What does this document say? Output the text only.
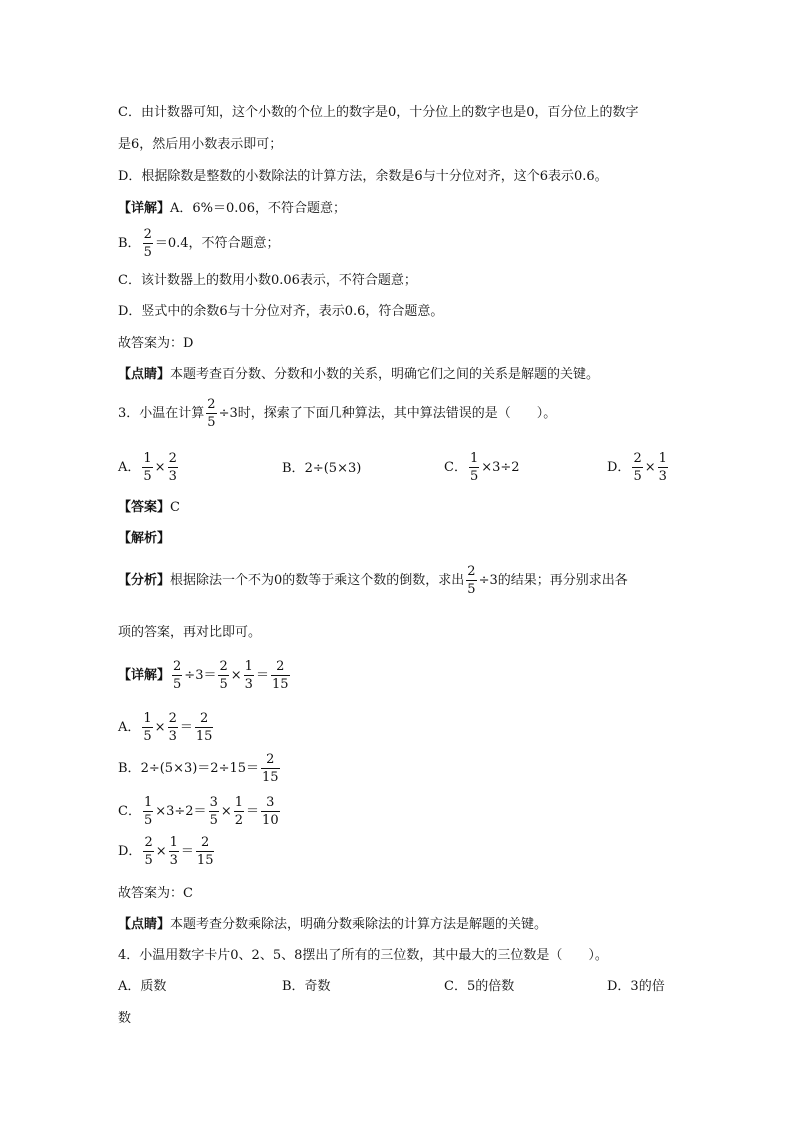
C．由计数器可知，这个小数的个位上的数字是0，十分位上的数字也是0，百分位上的数字
是6，然后用小数表示即可；
D．根据除数是整数的小数除法的计算方法，余数是6与十分位对齐，这个6表示0.6。
【详解】A．6%＝0.06，不符合题意；
B． $\frac{2}{5} =0.4$，不符合题意；
C．该计数器上的数用小数0.06表示，不符合题意；
D．竖式中的余数6与十分位对齐，表示0.6，符合题意。
故答案为：D
【点睛】本题考查百分数、分数和小数的关系，明确它们之间的关系是解题的关键。
3．小温在计算 $\frac{2}{5} \div 3$时，探索了下面几种算法，其中算法错误的是（　　）。
A． $\frac{1}{5} \times \frac{2}{3}$	B．2÷(5×3)	C． $\frac{1}{5} \times 3\div 2$	D． $\frac{2}{5} \times \frac{1}{3}$
【答案】C
【解析】
【分析】根据除法一个不为0的数等于乘这个数的倒数，求出 $\frac{2}{5} \div 3$的结果；再分别求出各
项的答案，再对比即可。
【详解】 $\frac{2}{5} \div 3= \frac{2}{5} \times \frac{1}{3} = \frac{2}{15}$
A． $\frac{1}{5} \times \frac{2}{3} = \frac{2}{15}$
B．$2\div(5\times 3)=2\div 15= \frac{2}{15}$
C． $\frac{1}{5} \times 3\div 2= \frac{3}{5} \times \frac{1}{2} = \frac{3}{10}$
D． $\frac{2}{5} \times \frac{1}{3} = \frac{2}{15}$
故答案为：C
【点睛】本题考查分数乘除法，明确分数乘除法的计算方法是解题的关键。
4．小温用数字卡片0、2、5、8摆出了所有的三位数，其中最大的三位数是（　　）。
A．质数	B．奇数	C．5的倍数	D．3的倍
数
